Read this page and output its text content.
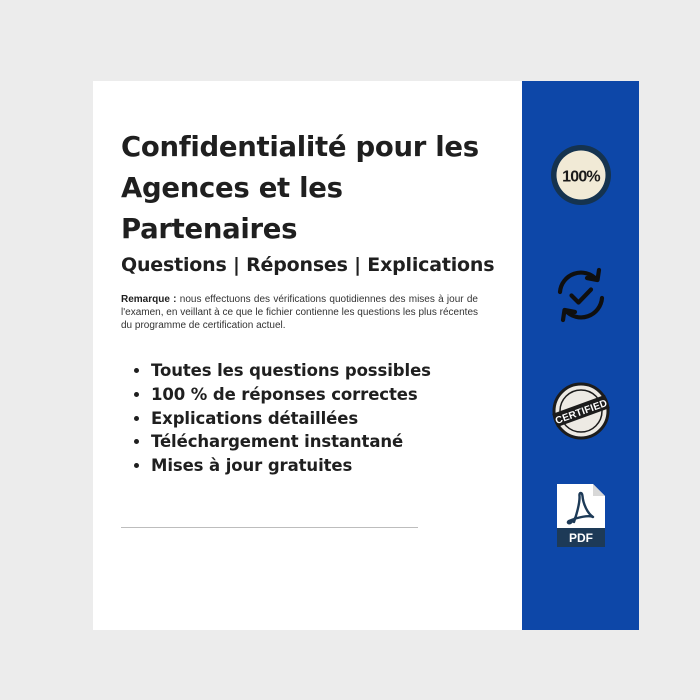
Confidentialité pour les Agences et les Partenaires
Questions | Réponses | Explications

Remarque : nous effectuons des vérifications quotidiennes des mises à jour de l'examen, en veillant à ce que le fichier contienne les questions les plus récentes du programme de certification actuel.

• Toutes les questions possibles
• 100 % de réponses correctes
• Explications détaillées
• Téléchargement instantané
• Mises à jour gratuites
100%
CERTIFIED
PDF
